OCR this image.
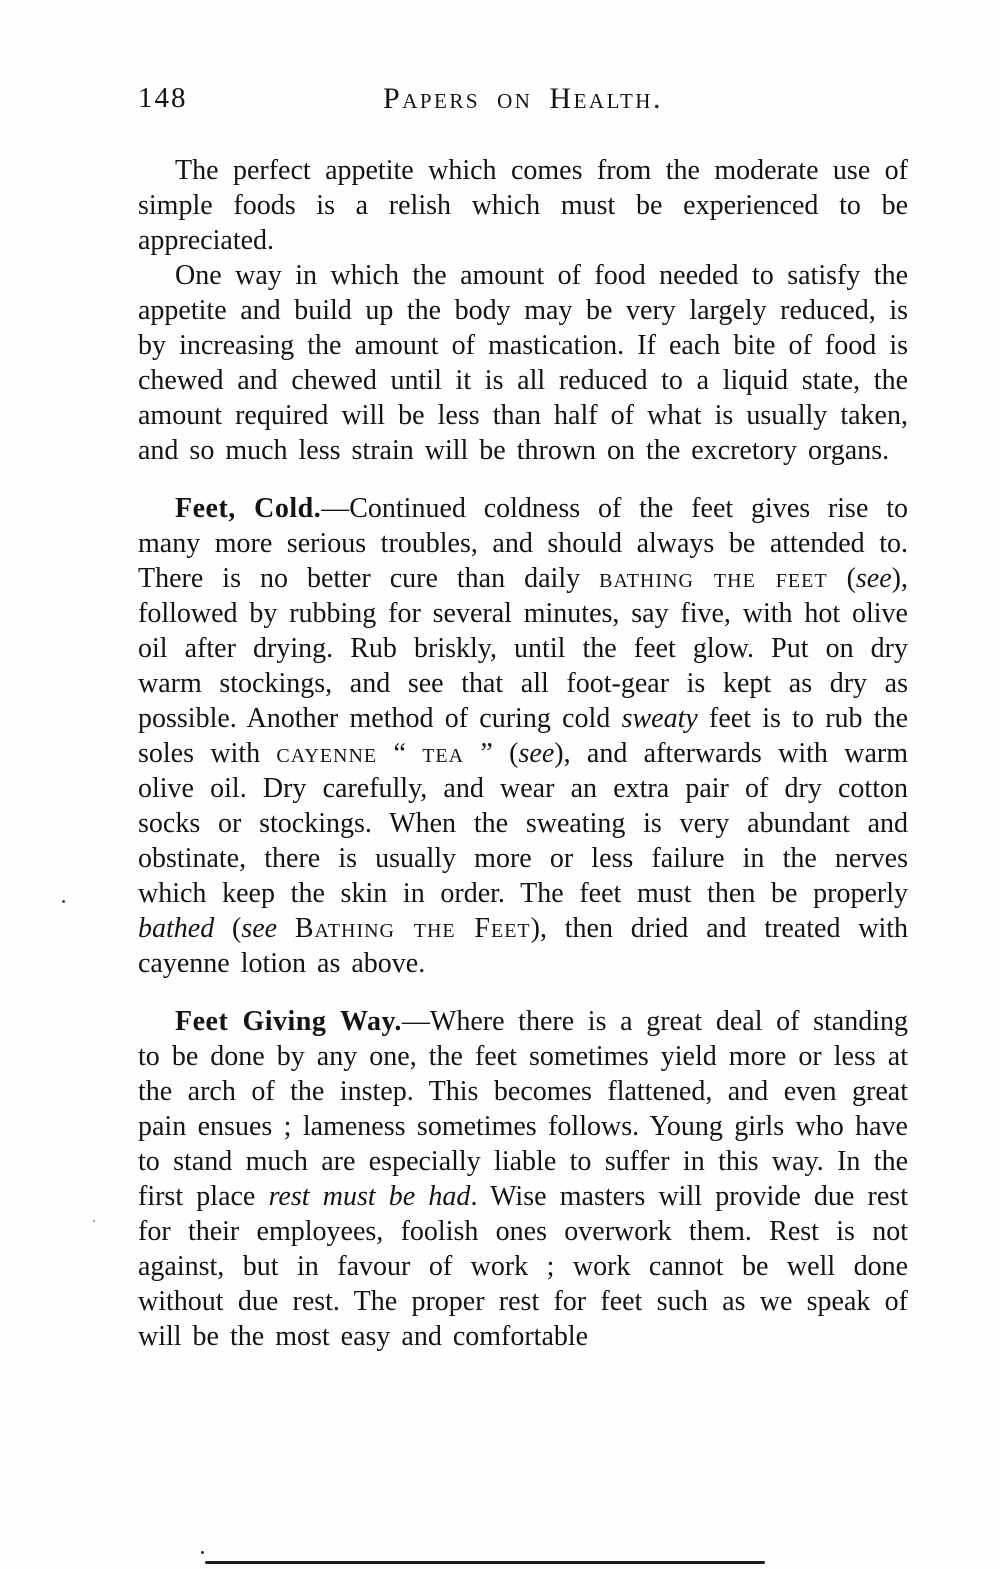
148	Papers on Health.

The perfect appetite which comes from the moderate use of simple foods is a relish which must be experienced to be appreciated.

One way in which the amount of food needed to satisfy the appetite and build up the body may be very largely reduced, is by increasing the amount of mastication. If each bite of food is chewed and chewed until it is all reduced to a liquid state, the amount required will be less than half of what is usually taken, and so much less strain will be thrown on the excretory organs.

Feet, Cold.—Continued coldness of the feet gives rise to many more serious troubles, and should always be attended to. There is no better cure than daily bathing the feet (see), followed by rubbing for several minutes, say five, with hot olive oil after drying. Rub briskly, until the feet glow. Put on dry warm stockings, and see that all foot-gear is kept as dry as possible. Another method of curing cold sweaty feet is to rub the soles with cayenne “ tea ” (see), and afterwards with warm olive oil. Dry carefully, and wear an extra pair of dry cotton socks or stockings. When the sweating is very abundant and obstinate, there is usually more or less failure in the nerves which keep the skin in order. The feet must then be properly bathed (see Bathing the Feet), then dried and treated with cayenne lotion as above.

Feet Giving Way.—Where there is a great deal of standing to be done by any one, the feet sometimes yield more or less at the arch of the instep. This becomes flattened, and even great pain ensues ; lameness sometimes follows. Young girls who have to stand much are especially liable to suffer in this way. In the first place rest must be had. Wise masters will provide due rest for their employees, foolish ones overwork them. Rest is not against, but in favour of work ; work cannot be well done without due rest. The proper rest for feet such as we speak of will be the most easy and comfortable
